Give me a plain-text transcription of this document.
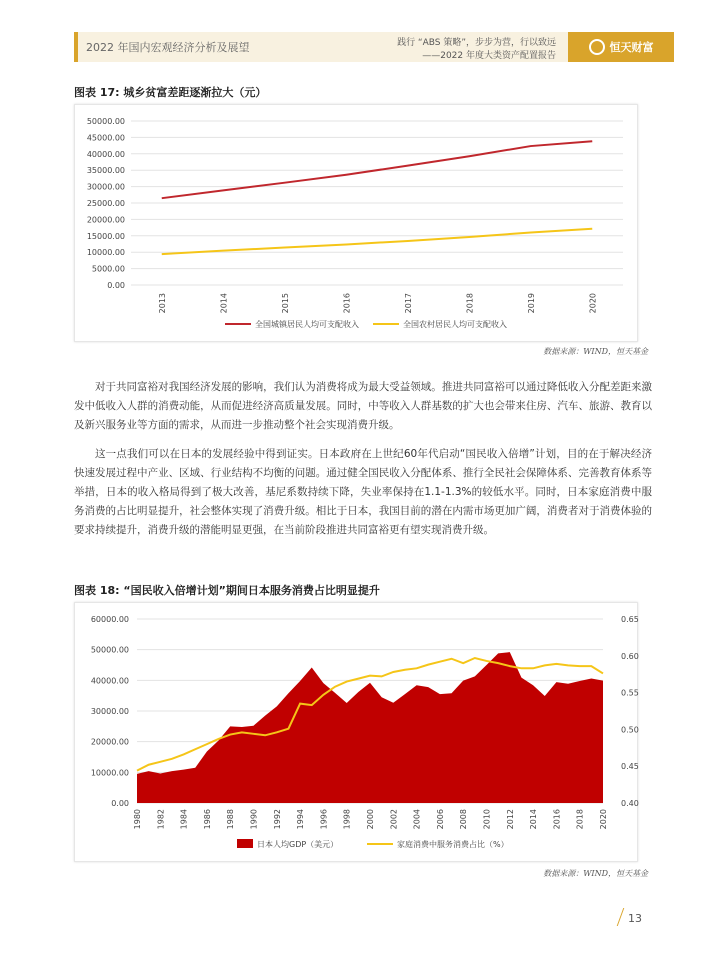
2022 年国内宏观经济分析及展望	践行 “ABS 策略”，步步为营，行以致远
——2022 年度大类资产配置报告
恒天财富
图表 17: 城乡贫富差距逐渐拉大（元）
0.00
5000.00
10000.00
15000.00
20000.00
25000.00
30000.00
35000.00
40000.00
45000.00
50000.00
2013	2014	2015	2016	2017	2018	2019	2020
全国城镇居民人均可支配收入	全国农村居民人均可支配收入
数据来源：WIND，恒天基金

对于共同富裕对我国经济发展的影响，我们认为消费将成为最大受益领域。推进共同富裕可以通过降低收入分配差距来激发中低收入人群的消费动能，从而促进经济高质量发展。同时，中等收入人群基数的扩大也会带来住房、汽车、旅游、教育以及新兴服务业等方面的需求，从而进一步推动整个社会实现消费升级。

这一点我们可以在日本的发展经验中得到证实。日本政府在上世纪60年代启动“国民收入倍增”计划，目的在于解决经济快速发展过程中产业、区域、行业结构不均衡的问题。通过健全国民收入分配体系、推行全民社会保障体系、完善教育体系等举措，日本的收入格局得到了极大改善，基尼系数持续下降，失业率保持在1.1-1.3%的较低水平。同时，日本家庭消费中服务消费的占比明显提升，社会整体实现了消费升级。相比于日本，我国目前的潜在内需市场更加广阔，消费者对于消费体验的要求持续提升，消费升级的潜能明显更强，在当前阶段推进共同富裕更有望实现消费升级。

图表 18: “国民收入倍增计划”期间日本服务消费占比明显提升
0.00
10000.00
20000.00
30000.00
40000.00
50000.00
60000.00
0.40
0.45
0.50
0.55
0.60
0.65
1980 1982 1984 1986 1988 1990 1992 1994 1996 1998 2000 2002 2004 2006 2008 2010 2012 2014 2016 2018 2020
日本人均GDP（美元）	家庭消费中服务消费占比（%）
数据来源：WIND，恒天基金
13
